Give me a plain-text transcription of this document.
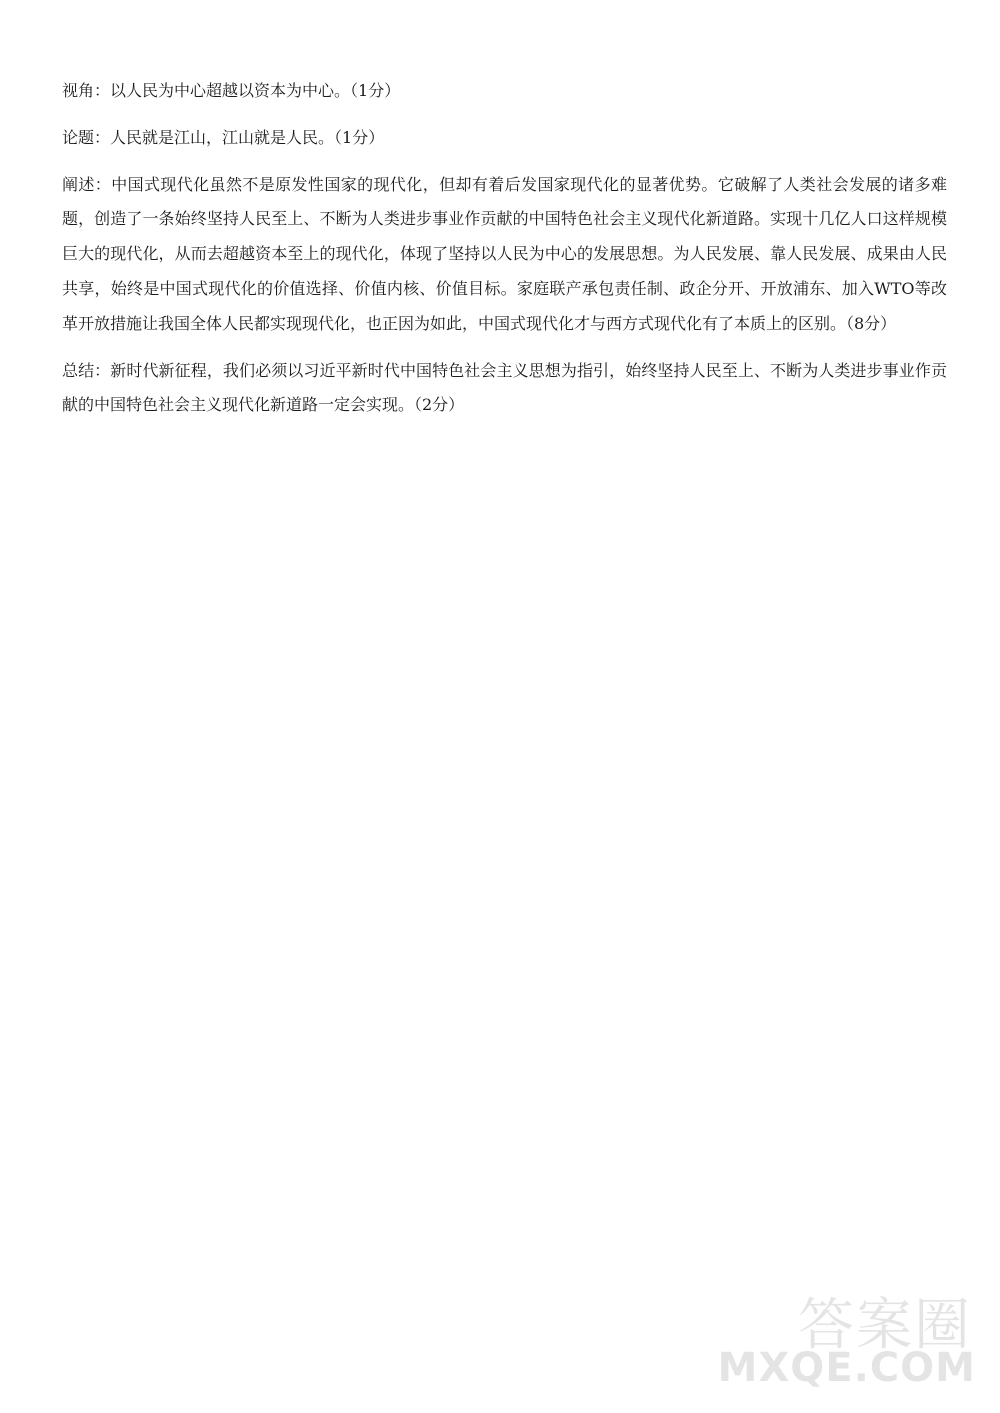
视角：以人民为中心超越以资本为中心。（1分）

论题：人民就是江山，江山就是人民。（1分）

阐述：中国式现代化虽然不是原发性国家的现代化，但却有着后发国家现代化的显著优势。它破解了人类社会发展的诸多难题，创造了一条始终坚持人民至上、不断为人类进步事业作贡献的中国特色社会主义现代化新道路。实现十几亿人口这样规模巨大的现代化，从而去超越资本至上的现代化，体现了坚持以人民为中心的发展思想。为人民发展、靠人民发展、成果由人民共享，始终是中国式现代化的价值选择、价值内核、价值目标。家庭联产承包责任制、政企分开、开放浦东、加入WTO等改革开放措施让我国全体人民都实现现代化，也正因为如此，中国式现代化才与西方式现代化有了本质上的区别。（8分）

总结：新时代新征程，我们必须以习近平新时代中国特色社会主义思想为指引，始终坚持人民至上、不断为人类进步事业作贡献的中国特色社会主义现代化新道路一定会实现。（2分）

答案圈
MXQE.COM
